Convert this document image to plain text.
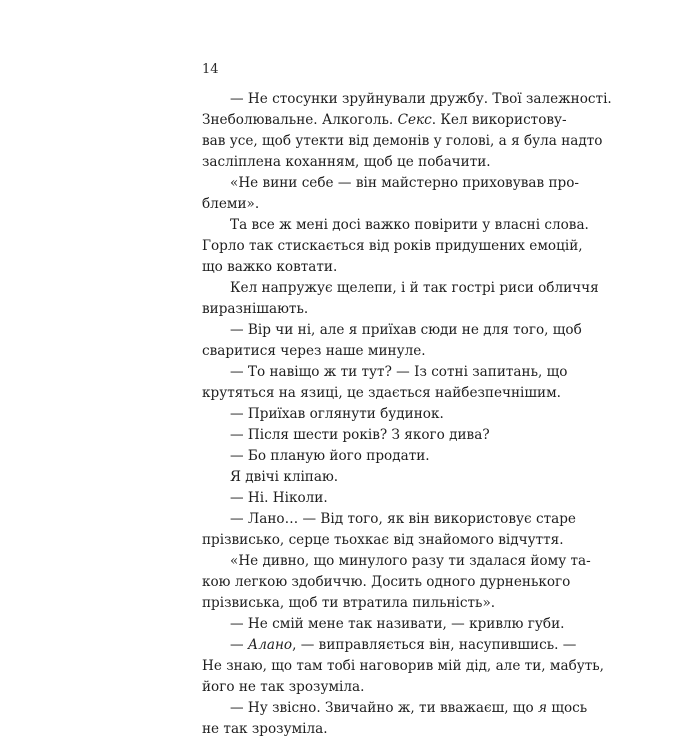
14
— Не стосунки зруйнували дружбу. Твої залежності.
Знеболювальне. Алкоголь. Секс. Кел використову-
вав усе, щоб утекти від демонів у голові, а я була надто
засліплена коханням, щоб це побачити.
«Не вини себе — він майстерно приховував про-
блеми».
Та все ж мені досі важко повірити у власні слова.
Горло так стискається від років придушених емоцій,
що важко ковтати.
Кел напружує щелепи, і й так гострі риси обличчя
виразнішають.
— Вір чи ні, але я приїхав сюди не для того, щоб
сваритися через наше минуле.
— То навіщо ж ти тут? — Із сотні запитань, що
крутяться на язиці, це здається найбезпечнішим.
— Приїхав оглянути будинок.
— Після шести років? З якого дива?
— Бо планую його продати.
Я двічі кліпаю.
— Ні. Ніколи.
— Лано… — Від того, як він використовує старе
прізвисько, серце тьохкає від знайомого відчуття.
«Не дивно, що минулого разу ти здалася йому та-
кою легкою здобиччю. Досить одного дурненького
прізвиська, щоб ти втратила пильність».
— Не смій мене так називати, — кривлю губи.
— Алано, — виправляється він, насупившись. —
Не знаю, що там тобі наговорив мій дід, але ти, мабуть,
його не так зрозуміла.
— Ну звісно. Звичайно ж, ти вважаєш, що я щось
не так зрозуміла.
